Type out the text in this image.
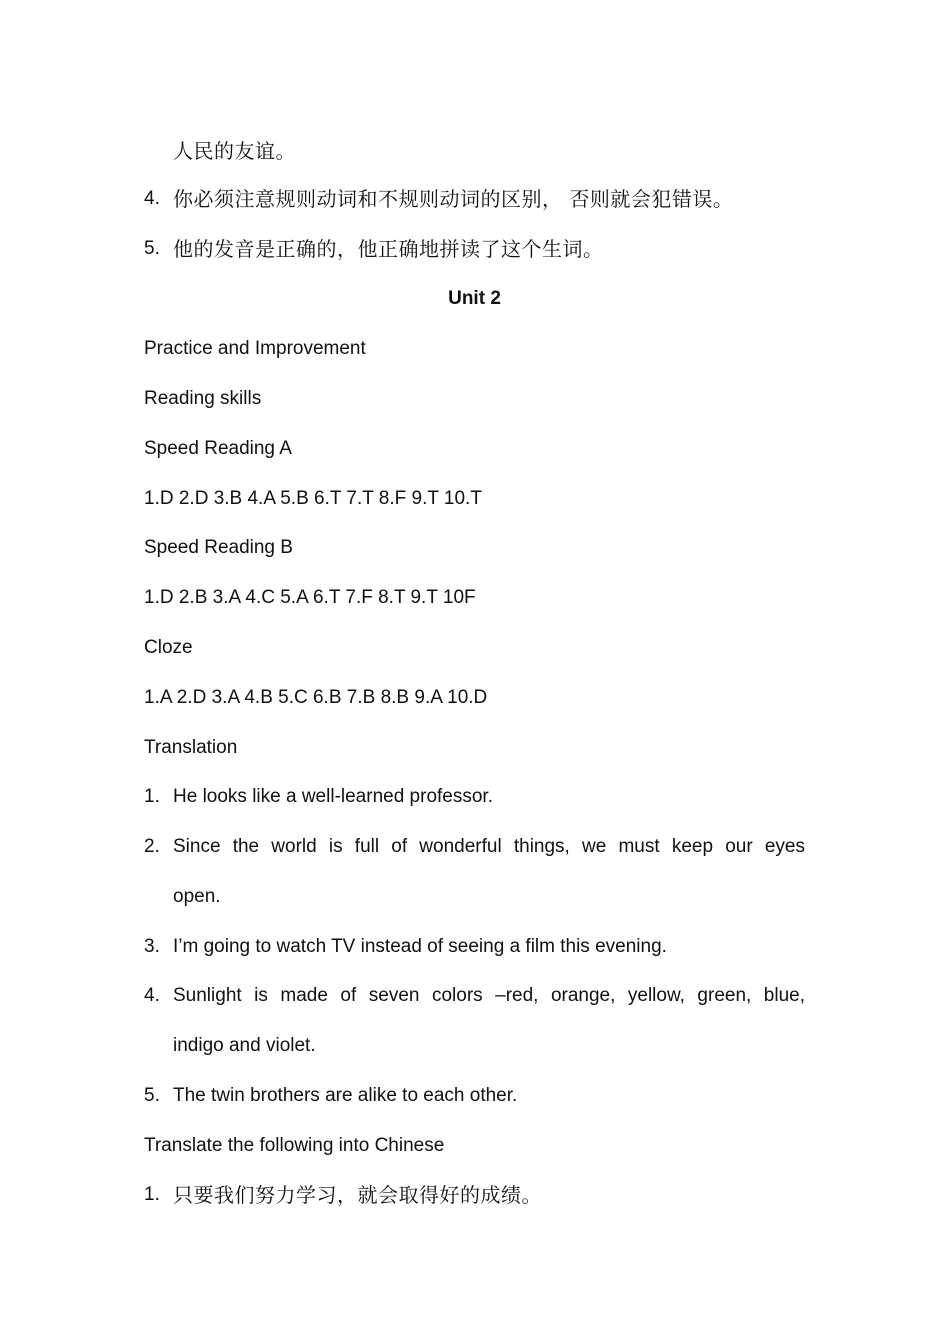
人民的友谊。
4. 你必须注意规则动词和不规则动词的区别， 否则就会犯错误。
5. 他的发音是正确的，他正确地拼读了这个生词。
Unit 2
Practice and Improvement
Reading skills
Speed Reading A
1.D 2.D 3.B 4.A 5.B 6.T 7.T 8.F 9.T 10.T
Speed Reading B
1.D 2.B 3.A 4.C 5.A 6.T 7.F 8.T 9.T 10F
Cloze
1.A 2.D 3.A 4.B 5.C 6.B 7.B 8.B 9.A 10.D
Translation
1. He looks like a well-learned professor.
2. Since the world is full of wonderful things, we must keep our eyes
open.
3. I’m going to watch TV instead of seeing a film this evening.
4. Sunlight is made of seven colors –red, orange, yellow, green, blue,
indigo and violet.
5. The twin brothers are alike to each other.
Translate the following into Chinese
1. 只要我们努力学习，就会取得好的成绩。
